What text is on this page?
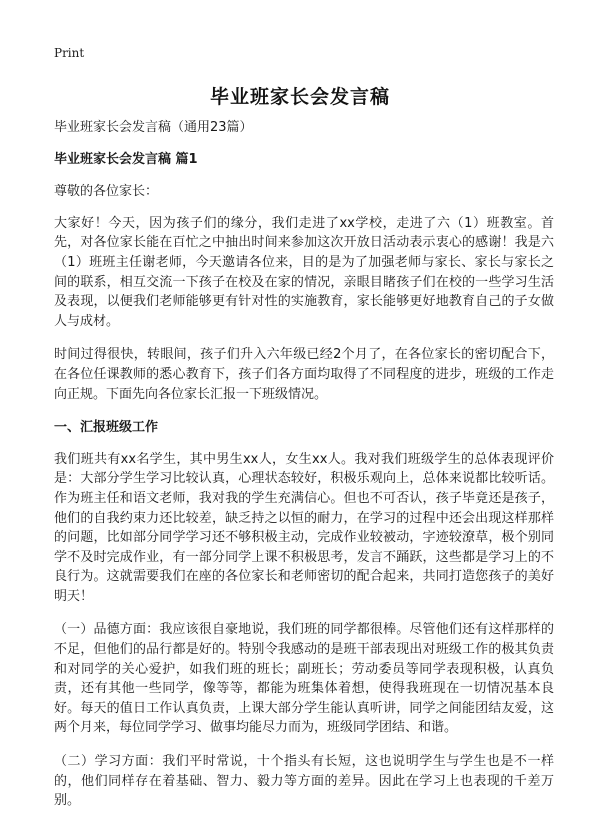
Print
毕业班家长会发言稿

毕业班家长会发言稿（通用23篇）

毕业班家长会发言稿 篇1

尊敬的各位家长：

大家好！今天，因为孩子们的缘分，我们走进了xx学校，走进了六（1）班教室。首先，对各位家长能在百忙之中抽出时间来参加这次开放日活动表示衷心的感谢！我是六（1）班班主任谢老师，今天邀请各位来，目的是为了加强老师与家长、家长与家长之间的联系，相互交流一下孩子在校及在家的情况，亲眼目睹孩子们在校的一些学习生活及表现，以便我们老师能够更有针对性的实施教育，家长能够更好地教育自己的子女做人与成材。

时间过得很快，转眼间，孩子们升入六年级已经2个月了，在各位家长的密切配合下，在各位任课教师的悉心教育下，孩子们各方面均取得了不同程度的进步，班级的工作走向正规。下面先向各位家长汇报一下班级情况。

一、汇报班级工作

我们班共有xx名学生，其中男生xx人，女生xx人。我对我们班级学生的总体表现评价是：大部分学生学习比较认真，心理状态较好，积极乐观向上，总体来说都比较听话。作为班主任和语文老师，我对我的学生充满信心。但也不可否认，孩子毕竟还是孩子，他们的自我约束力还比较差，缺乏持之以恒的耐力，在学习的过程中还会出现这样那样的问题，比如部分同学学习还不够积极主动，完成作业较被动，字迹较潦草，极个别同学不及时完成作业，有一部分同学上课不积极思考，发言不踊跃，这些都是学习上的不良行为。这就需要我们在座的各位家长和老师密切的配合起来，共同打造您孩子的美好明天！

（一）品德方面：我应该很自豪地说，我们班的同学都很棒。尽管他们还有这样那样的不足，但他们的品行都是好的。特别令我感动的是班干部表现出对班级工作的极其负责和对同学的关心爱护，如我们班的班长；副班长；劳动委员等同学表现积极，认真负责，还有其他一些同学，像等等，都能为班集体着想，使得我班现在一切情况基本良好。每天的值日工作认真负责，上课大部分学生能认真听讲，同学之间能团结友爱，这两个月来，每位同学学习、做事均能尽力而为，班级同学团结、和谐。

（二）学习方面：我们平时常说，十个指头有长短，这也说明学生与学生也是不一样的，他们同样存在着基础、智力、毅力等方面的差异。因此在学习上也表现的千差万别。
